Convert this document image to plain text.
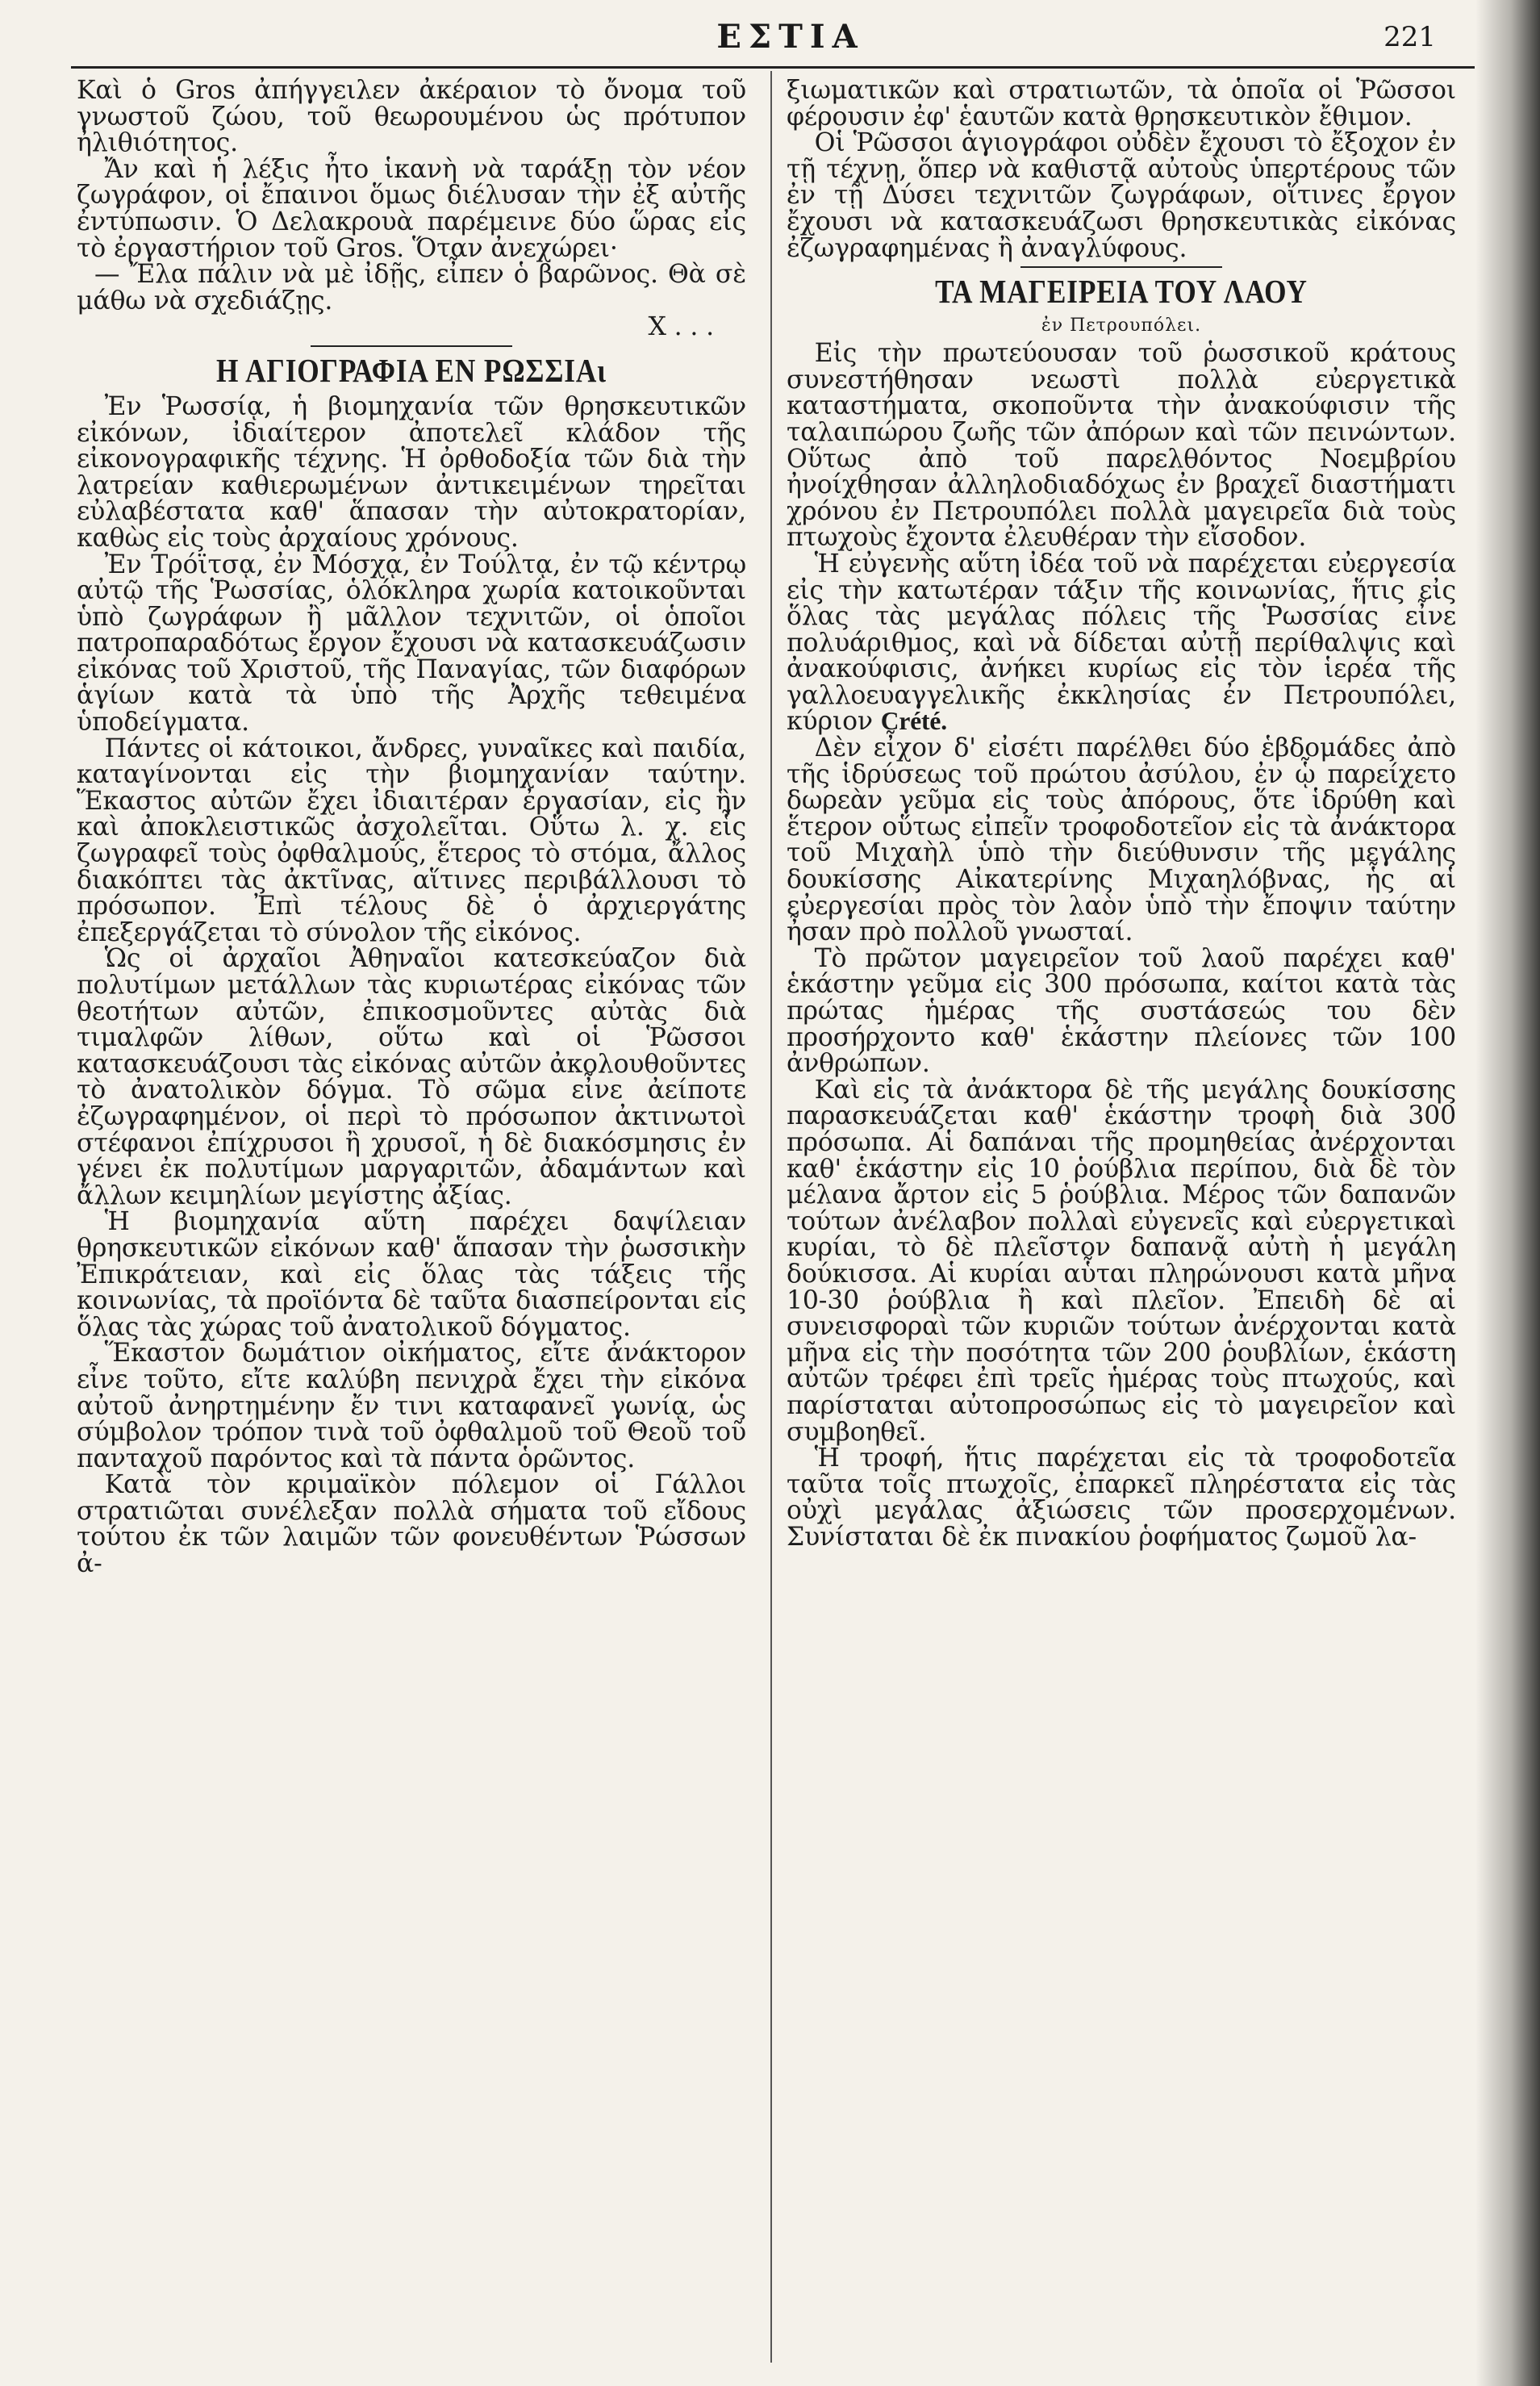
ΕΣΤΙΑ	221

Καὶ ὁ Gros ἀπήγγειλεν ἀκέραιον τὸ ὄνομα τοῦ γνωστοῦ ζώου, τοῦ θεωρουμένου ὡς πρότυπον ἠλιθιότητος.

Ἄν καὶ ἡ λέξις ἦτο ἱκανὴ νὰ ταράξῃ τὸν νέον ζωγράφον, οἱ ἔπαινοι ὅμως διέλυσαν τὴν ἐξ αὐτῆς ἐντύπωσιν. Ὁ Δελακρουὰ παρέμεινε δύο ὥρας εἰς τὸ ἐργαστήριον τοῦ Gros. Ὅταν ἀνεχώρει·

— Ἔλα πάλιν νὰ μὲ ἰδῇς, εἶπεν ὁ βαρῶνος. Θὰ σὲ μάθω νὰ σχεδιάζῃς.

X . . .

Η ΑΓΙΟΓΡΑΦΙΑ ΕΝ ΡΩΣΣΙΑι

Ἐν Ῥωσσίᾳ, ἡ βιομηχανία τῶν θρησκευτικῶν εἰκόνων, ἰδιαίτερον ἀποτελεῖ κλάδον τῆς εἰκονογραφικῆς τέχνης. Ἡ ὀρθοδοξία τῶν διὰ τὴν λατρείαν καθιερωμένων ἀντικειμένων τηρεῖται εὐλαβέστατα καθ' ἅπασαν τὴν αὐτοκρατορίαν, καθὼς εἰς τοὺς ἀρχαίους χρόνους.

Ἐν Τρόϊτσᾳ, ἐν Μόσχᾳ, ἐν Τούλτᾳ, ἐν τῷ κέντρῳ αὐτῷ τῆς Ῥωσσίας, ὁλόκληρα χωρία κατοικοῦνται ὑπὸ ζωγράφων ἢ μᾶλλον τεχνιτῶν, οἱ ὁποῖοι πατροπαραδότως ἔργον ἔχουσι νὰ κατασκευάζωσιν εἰκόνας τοῦ Χριστοῦ, τῆς Παναγίας, τῶν διαφόρων ἁγίων κατὰ τὰ ὑπὸ τῆς Ἀρχῆς τεθειμένα ὑποδείγματα.

Πάντες οἱ κάτοικοι, ἄνδρες, γυναῖκες καὶ παιδία, καταγίνονται εἰς τὴν βιομηχανίαν ταύτην. Ἕκαστος αὐτῶν ἔχει ἰδιαιτέραν ἐργασίαν, εἰς ἣν καὶ ἀποκλειστικῶς ἀσχολεῖται. Οὕτω λ. χ. εἷς ζωγραφεῖ τοὺς ὀφθαλμούς, ἕτερος τὸ στόμα, ἄλλος διακόπτει τὰς ἀκτῖνας, αἵτινες περιβάλλουσι τὸ πρόσωπον. Ἐπὶ τέλους δὲ ὁ ἀρχιεργάτης ἐπεξεργάζεται τὸ σύνολον τῆς εἰκόνος.

Ὡς οἱ ἀρχαῖοι Ἀθηναῖοι κατεσκεύαζον διὰ πολυτίμων μετάλλων τὰς κυριωτέρας εἰκόνας τῶν θεοτήτων αὐτῶν, ἐπικοσμοῦντες αὐτὰς διὰ τιμαλφῶν λίθων, οὕτω καὶ οἱ Ῥῶσσοι κατασκευάζουσι τὰς εἰκόνας αὐτῶν ἀκολουθοῦντες τὸ ἀνατολικὸν δόγμα. Τὸ σῶμα εἶνε ἀείποτε ἐζωγραφημένον, οἱ περὶ τὸ πρόσωπον ἀκτινωτοὶ στέφανοι ἐπίχρυσοι ἢ χρυσοῖ, ἡ δὲ διακόσμησις ἐν γένει ἐκ πολυτίμων μαργαριτῶν, ἀδαμάντων καὶ ἄλλων κειμηλίων μεγίστης ἀξίας.

Ἡ βιομηχανία αὕτη παρέχει δαψίλειαν θρησκευτικῶν εἰκόνων καθ' ἅπασαν τὴν ῥωσσικὴν Ἐπικράτειαν, καὶ εἰς ὅλας τὰς τάξεις τῆς κοινωνίας, τὰ προϊόντα δὲ ταῦτα διασπείρονται εἰς ὅλας τὰς χώρας τοῦ ἀνατολικοῦ δόγματος.

Ἕκαστον δωμάτιον οἰκήματος, εἴτε ἀνάκτορον εἶνε τοῦτο, εἴτε καλύβη πενιχρὰ ἔχει τὴν εἰκόνα αὐτοῦ ἀνηρτημένην ἔν τινι καταφανεῖ γωνίᾳ, ὡς σύμβολον τρόπον τινὰ τοῦ ὀφθαλμοῦ τοῦ Θεοῦ τοῦ πανταχοῦ παρόντος καὶ τὰ πάντα ὁρῶντος.

Κατὰ τὸν κριμαϊκὸν πόλεμον οἱ Γάλλοι στρατιῶται συνέλεξαν πολλὰ σήματα τοῦ εἴδους τούτου ἐκ τῶν λαιμῶν τῶν φονευθέντων Ῥώσσων ἀ-

ξιωματικῶν καὶ στρατιωτῶν, τὰ ὁποῖα οἱ Ῥῶσσοι φέρουσιν ἐφ' ἑαυτῶν κατὰ θρησκευτικὸν ἔθιμον.

Οἱ Ῥῶσσοι ἁγιογράφοι οὐδὲν ἔχουσι τὸ ἔξοχον ἐν τῇ τέχνῃ, ὅπερ νὰ καθιστᾷ αὐτοὺς ὑπερτέρους τῶν ἐν τῇ Δύσει τεχνιτῶν ζωγράφων, οἵτινες ἔργον ἔχουσι νὰ κατασκευάζωσι θρησκευτικὰς εἰκόνας ἐζωγραφημένας ἢ ἀναγλύφους.

ΤΑ ΜΑΓΕΙΡΕΙΑ ΤΟΥ ΛΑΟΥ
ἐν Πετρουπόλει.

Εἰς τὴν πρωτεύουσαν τοῦ ῥωσσικοῦ κράτους συνεστήθησαν νεωστὶ πολλὰ εὐεργετικὰ καταστήματα, σκοποῦντα τὴν ἀνακούφισιν τῆς ταλαιπώρου ζωῆς τῶν ἀπόρων καὶ τῶν πεινώντων. Οὕτως ἀπὸ τοῦ παρελθόντος Νοεμβρίου ἠνοίχθησαν ἀλληλοδιαδόχως ἐν βραχεῖ διαστήματι χρόνου ἐν Πετρουπόλει πολλὰ μαγειρεῖα διὰ τοὺς πτωχοὺς ἔχοντα ἐλευθέραν τὴν εἴσοδον.

Ἡ εὐγενὴς αὕτη ἰδέα τοῦ νὰ παρέχεται εὐεργεσία εἰς τὴν κατωτέραν τάξιν τῆς κοινωνίας, ἥτις εἰς ὅλας τὰς μεγάλας πόλεις τῆς Ῥωσσίας εἶνε πολυάριθμος, καὶ νὰ δίδεται αὐτῇ περίθαλψις καὶ ἀνακούφισις, ἀνήκει κυρίως εἰς τὸν ἱερέα τῆς γαλλοευαγγελικῆς ἐκκλησίας ἐν Πετρουπόλει, κύριον Crété.

Δὲν εἶχον δ' εἰσέτι παρέλθει δύο ἑβδομάδες ἀπὸ τῆς ἱδρύσεως τοῦ πρώτου ἀσύλου, ἐν ᾧ παρείχετο δωρεὰν γεῦμα εἰς τοὺς ἀπόρους, ὅτε ἱδρύθη καὶ ἕτερον οὕτως εἰπεῖν τροφοδοτεῖον εἰς τὰ ἀνάκτορα τοῦ Μιχαὴλ ὑπὸ τὴν διεύθυνσιν τῆς μεγάλης δουκίσσης Αἰκατερίνης Μιχαηλόβνας, ἧς αἱ εὐεργεσίαι πρὸς τὸν λαὸν ὑπὸ τὴν ἔποψιν ταύτην ἦσαν πρὸ πολλοῦ γνωσταί.

Τὸ πρῶτον μαγειρεῖον τοῦ λαοῦ παρέχει καθ' ἑκάστην γεῦμα εἰς 300 πρόσωπα, καίτοι κατὰ τὰς πρώτας ἡμέρας τῆς συστάσεώς του δὲν προσήρχοντο καθ' ἑκάστην πλείονες τῶν 100 ἀνθρώπων.

Καὶ εἰς τὰ ἀνάκτορα δὲ τῆς μεγάλης δουκίσσης παρασκευάζεται καθ' ἑκάστην τροφὴ διὰ 300 πρόσωπα. Αἱ δαπάναι τῆς προμηθείας ἀνέρχονται καθ' ἑκάστην εἰς 10 ῥούβλια περίπου, διὰ δὲ τὸν μέλανα ἄρτον εἰς 5 ῥούβλια. Μέρος τῶν δαπανῶν τούτων ἀνέλαβον πολλαὶ εὐγενεῖς καὶ εὐεργετικαὶ κυρίαι, τὸ δὲ πλεῖστον δαπανᾷ αὐτὴ ἡ μεγάλη δούκισσα. Αἱ κυρίαι αὗται πληρώνουσι κατὰ μῆνα 10-30 ῥούβλια ἢ καὶ πλεῖον. Ἐπειδὴ δὲ αἱ συνεισφοραὶ τῶν κυριῶν τούτων ἀνέρχονται κατὰ μῆνα εἰς τὴν ποσότητα τῶν 200 ῥουβλίων, ἑκάστη αὐτῶν τρέφει ἐπὶ τρεῖς ἡμέρας τοὺς πτωχούς, καὶ παρίσταται αὐτοπροσώπως εἰς τὸ μαγειρεῖον καὶ συμβοηθεῖ.

Ἡ τροφή, ἥτις παρέχεται εἰς τὰ τροφοδοτεῖα ταῦτα τοῖς πτωχοῖς, ἐπαρκεῖ πληρέστατα εἰς τὰς οὐχὶ μεγάλας ἀξιώσεις τῶν προσερχομένων. Συνίσταται δὲ ἐκ πινακίου ῥοφήματος ζωμοῦ λα-
